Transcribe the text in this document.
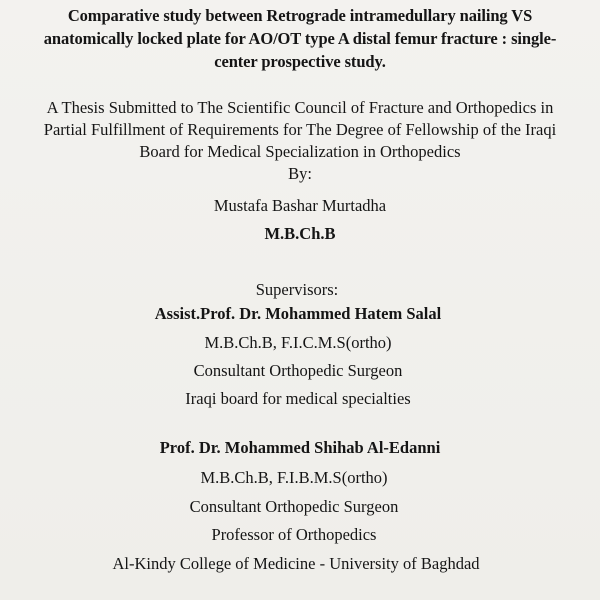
Comparative study between Retrograde intramedullary nailing VS

anatomically locked plate for AO/OT type A distal femur fracture : single-

center prospective study.

A Thesis Submitted to The Scientific Council of Fracture and Orthopedics in

Partial Fulfillment of Requirements for The Degree of Fellowship of the Iraqi

Board for Medical Specialization in Orthopedics

By:

Mustafa Bashar Murtadha

M.B.Ch.B

Supervisors:

Assist.Prof. Dr. Mohammed Hatem Salal

M.B.Ch.B, F.I.C.M.S(ortho)

Consultant Orthopedic Surgeon

Iraqi board for medical specialties

Prof. Dr. Mohammed Shihab Al-Edanni

M.B.Ch.B, F.I.B.M.S(ortho)

Consultant Orthopedic Surgeon

Professor of Orthopedics

Al-Kindy College of Medicine - University of Baghdad
